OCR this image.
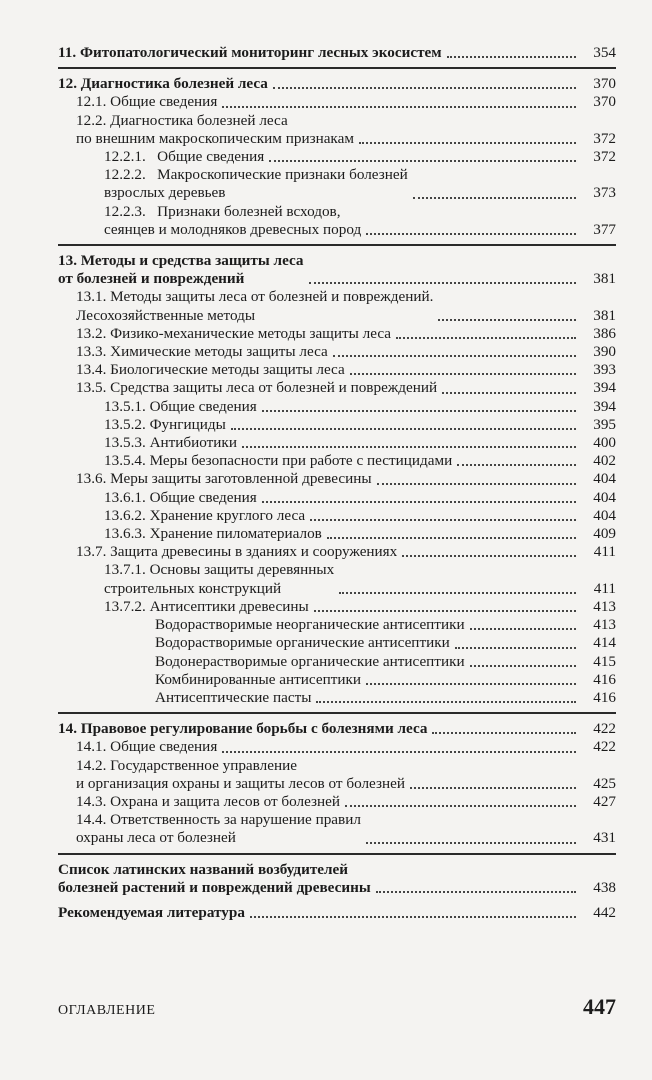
11. Фитопатологический мониторинг лесных экосистем	354
12. Диагностика болезней леса	370
12.1. Общие сведения	370
12.2. Диагностика болезней леса
по внешним макроскопическим признакам	372
12.2.1.   Общие сведения	372
12.2.2.   Макроскопические признаки болезней
взрослых деревьев	373
12.2.3.   Признаки болезней всходов,
сеянцев и молодняков древесных пород	377
13. Методы и средства защиты леса
от болезней и повреждений	381
13.1. Методы защиты леса от болезней и повреждений.
Лесохозяйственные методы	381
13.2. Физико-механические методы защиты леса	386
13.3. Химические методы защиты леса	390
13.4. Биологические методы защиты леса	393
13.5. Средства защиты леса от болезней и повреждений	394
13.5.1. Общие сведения	394
13.5.2. Фунгициды	395
13.5.3. Антибиотики	400
13.5.4. Меры безопасности при работе с пестицидами	402
13.6. Меры защиты заготовленной древесины	404
13.6.1. Общие сведения	404
13.6.2. Хранение круглого леса	404
13.6.3. Хранение пиломатериалов	409
13.7. Защита древесины в зданиях и сооружениях	411
13.7.1. Основы защиты деревянных
строительных конструкций	411
13.7.2. Антисептики древесины	413
Водорастворимые неорганические антисептики	413
Водорастворимые органические антисептики	414
Водонерастворимые органические антисептики	415
Комбинированные антисептики	416
Антисептические пасты	416
14. Правовое регулирование борьбы с болезнями леса	422
14.1. Общие сведения	422
14.2. Государственное управление
и организация охраны и защиты лесов от болезней	425
14.3. Охрана и защита лесов от болезней	427
14.4. Ответственность за нарушение правил
охраны леса от болезней	431
Список латинских названий возбудителей
болезней растений и повреждений древесины	438
Рекомендуемая литература	442
ОГЛАВЛЕНИЕ	447
